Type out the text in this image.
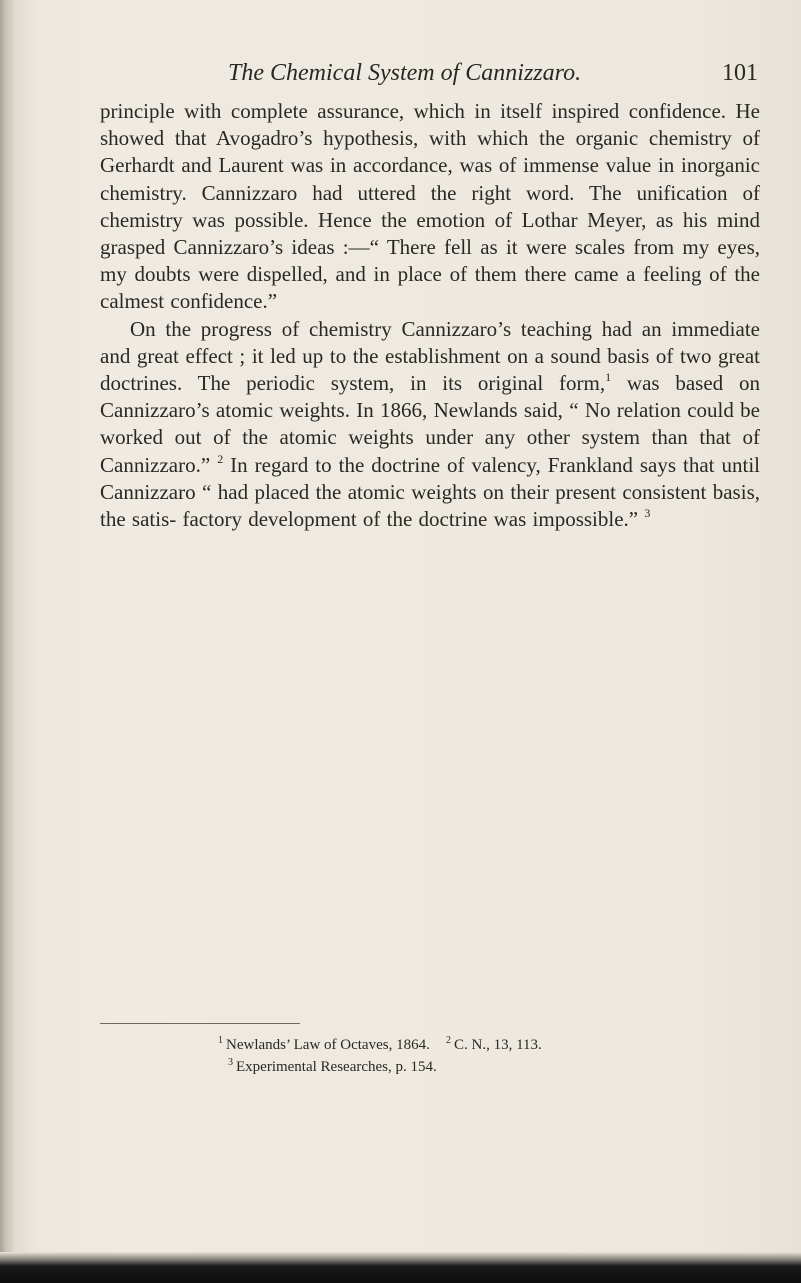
The Chemical System of Cannizzaro.	101

principle with complete assurance, which in itself inspired confidence. He showed that Avogadro’s hypothesis, with which the organic chemistry of Gerhardt and Laurent was in accordance, was of immense value in inorganic chemistry. Cannizzaro had uttered the right word. The unification of chemistry was possible. Hence the emotion of Lothar Meyer, as his mind grasped Cannizzaro’s ideas :—“ There fell as it were scales from my eyes, my doubts were dispelled, and in place of them there came a feeling of the calmest confidence.”

On the progress of chemistry Cannizzaro’s teaching had an immediate and great effect ; it led up to the establishment on a sound basis of two great doctrines. The periodic system, in its original form,$^1$ was based on Cannizzaro’s atomic weights. In 1866, Newlands said, “ No relation could be worked out of the atomic weights under any other system than that of Cannizzaro.” $^2$ In regard to the doctrine of valency, Frankland says that until Cannizzaro “ had placed the atomic weights on their present consistent basis, the satis- factory development of the doctrine was impossible.” $^3$

$^1$ Newlands’ Law of Octaves, 1864. $^2$ C. N., 13, 113.
$^3$ Experimental Researches, p. 154.
